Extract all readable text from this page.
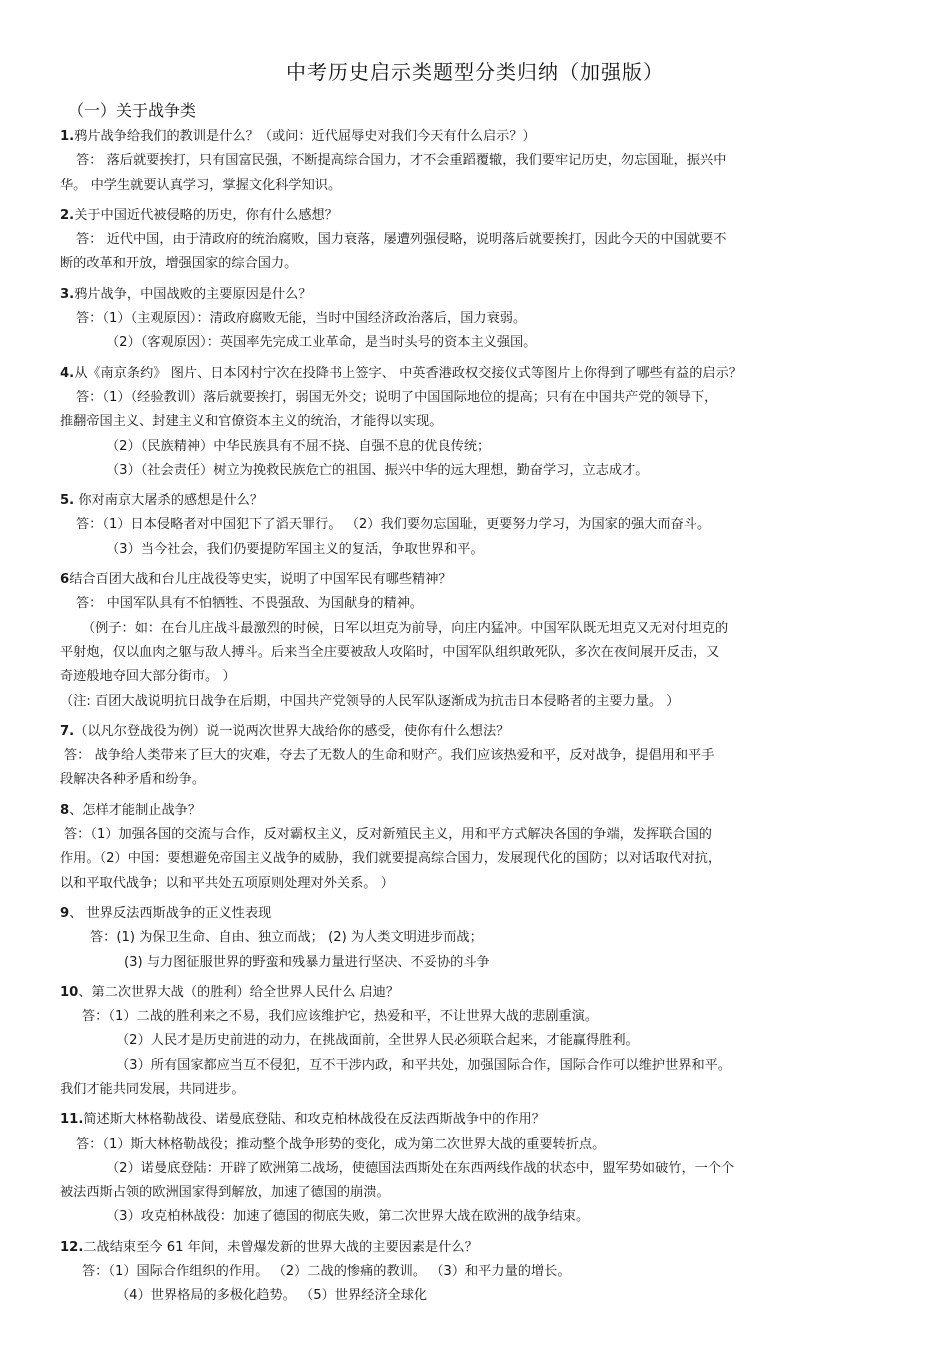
中考历史启示类题型分类归纳（加强版）
（一）关于战争类
1.鸦片战争给我们的教训是什么？（或问：近代屈辱史对我们今天有什么启示？）
答： 落后就要挨打，只有国富民强，不断提高综合国力，才不会重蹈覆辙，我们要牢记历史，勿忘国耻，振兴中
华。 中学生就要认真学习，掌握文化科学知识。
2.关于中国近代被侵略的历史，你有什么感想？
答： 近代中国，由于清政府的统治腐败，国力衰落，屡遭列强侵略，说明落后就要挨打，因此今天的中国就要不
断的改革和开放，增强国家的综合国力。
3.鸦片战争，中国战败的主要原因是什么？
答：（1）（主观原因）：清政府腐败无能，当时中国经济政治落后，国力衰弱。
（2）（客观原因）：英国率先完成工业革命，是当时头号的资本主义强国。
4.从《南京条约》 图片、日本冈村宁次在投降书上签字、 中英香港政权交接仪式等图片上你得到了哪些有益的启示？
答：（1）（经验教训）落后就要挨打，弱国无外交；说明了中国国际地位的提高；只有在中国共产党的领导下，
推翻帝国主义、封建主义和官僚资本主义的统治，才能得以实现。
（2）（民族精神）中华民族具有不屈不挠、自强不息的优良传统；
（3）（社会责任）树立为挽救民族危亡的祖国、振兴中华的远大理想，勤奋学习，立志成才。
5. 你对南京大屠杀的感想是什么？
答：（1）日本侵略者对中国犯下了滔天罪行。 （2）我们要勿忘国耻，更要努力学习，为国家的强大而奋斗。
（3）当今社会，我们仍要提防军国主义的复活，争取世界和平。
6结合百团大战和台儿庄战役等史实，说明了中国军民有哪些精神？
答： 中国军队具有不怕牺牲、不畏强敌、为国献身的精神。
（例子：如：在台儿庄战斗最激烈的时候，日军以坦克为前导，向庄内猛冲。中国军队既无坦克又无对付坦克的
平射炮，仅以血肉之躯与敌人搏斗。后来当全庄要被敌人攻陷时，中国军队组织敢死队，多次在夜间展开反击，又
奇迹般地夺回大部分街市。 ）
（注: 百团大战说明抗日战争在后期，中国共产党领导的人民军队逐渐成为抗击日本侵略者的主要力量。 ）
7.（以凡尔登战役为例）说一说两次世界大战给你的感受，使你有什么想法？
答： 战争给人类带来了巨大的灾难，夺去了无数人的生命和财产。我们应该热爱和平，反对战争，提倡用和平手
段解决各种矛盾和纷争。
8、怎样才能制止战争？
答：（1）加强各国的交流与合作，反对霸权主义，反对新殖民主义，用和平方式解决各国的争端，发挥联合国的
作用。（2）中国：要想避免帝国主义战争的威胁，我们就要提高综合国力，发展现代化的国防；以对话取代对抗，
以和平取代战争；以和平共处五项原则处理对外关系。 ）
9、 世界反法西斯战争的正义性表现
答：(1) 为保卫生命、自由、独立而战； (2) 为人类文明进步而战；
(3) 与力图征服世界的野蛮和残暴力量进行坚决、不妥协的斗争
10、第二次世界大战（的胜利）给全世界人民什么 启迪？
答：（1）二战的胜利来之不易，我们应该维护它，热爱和平，不让世界大战的悲剧重演。
（2）人民才是历史前进的动力，在挑战面前，全世界人民必须联合起来，才能赢得胜利。
（3）所有国家都应当互不侵犯，互不干涉内政，和平共处，加强国际合作，国际合作可以维护世界和平。
我们才能共同发展，共同进步。
11.简述斯大林格勒战役、诺曼底登陆、和攻克柏林战役在反法西斯战争中的作用？
答：（1）斯大林格勒战役；推动整个战争形势的变化，成为第二次世界大战的重要转折点。
（2）诺曼底登陆：开辟了欧洲第二战场，使德国法西斯处在东西两线作战的状态中，盟军势如破竹，一个个
被法西斯占领的欧洲国家得到解放，加速了德国的崩溃。
（3）攻克柏林战役：加速了德国的彻底失败，第二次世界大战在欧洲的战争结束。
12.二战结束至今 61 年间，未曾爆发新的世界大战的主要因素是什么？
答：（1）国际合作组织的作用。 （2）二战的惨痛的教训。 （3）和平力量的增长。
（4）世界格局的多极化趋势。 （5）世界经济全球化
